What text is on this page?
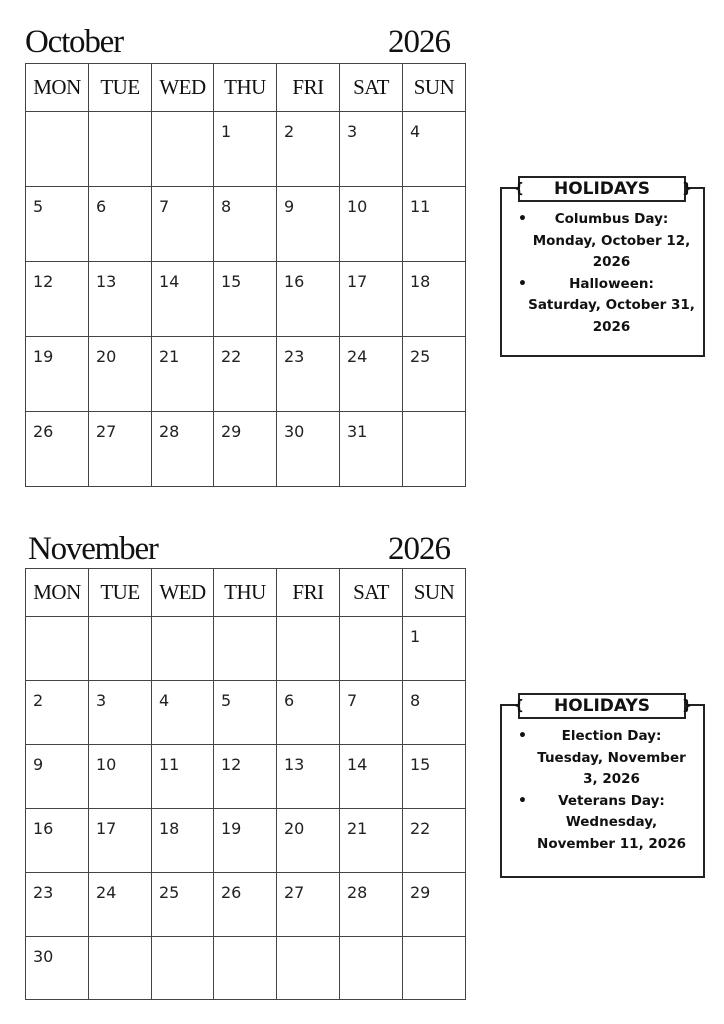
October	2026
MON	TUE	WED	THU	FRI	SAT	SUN

			1	2	3	4

5	6	7	8	9	10	11

12	13	14	15	16	17	18

19	20	21	22	23	24	25

26	27	28	29	30	31	

• Columbus Day:
Monday, October 12, 2026
•	Halloween:
Saturday, October 31, 2026
{ HOLIDAYS }
November	2026
MON	TUE	WED	THU	FRI	SAT	SUN

						1

2	3	4	5	6	7	8

9	10	11	12	13	14	15

16	17	18	19	20	21	22

23	24	25	26	27	28	29

30						

•	Election Day:
Tuesday, November 3, 2026
• Veterans Day:
Wednesday, November 11, 2026
{ HOLIDAYS }
